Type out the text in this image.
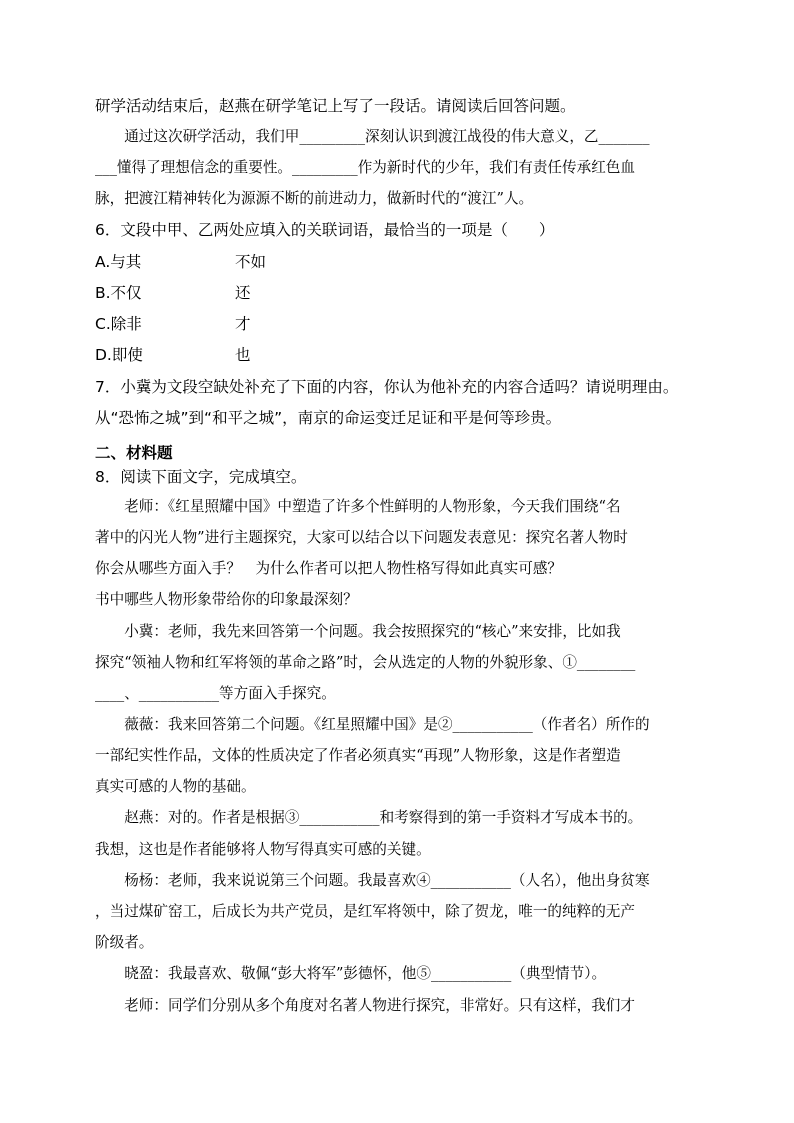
研学活动结束后，赵燕在研学笔记上写了一段话。请阅读后回答问题。
　　通过这次研学活动，我们甲_________深刻认识到渡江战役的伟大意义，乙_______
___懂得了理想信念的重要性。_________作为新时代的少年，我们有责任传承红色血
脉，把渡江精神转化为源源不断的前进动力，做新时代的“渡江”人。
6．文段中甲、乙两处应填入的关联词语，最恰当的一项是（　　）
A.与其	不如
B.不仅	还
C.除非	才
D.即使	也
7．小冀为文段空缺处补充了下面的内容，你认为他补充的内容合适吗？请说明理由。
从“恐怖之城”到“和平之城”，南京的命运变迁足证和平是何等珍贵。
二、材料题
8．阅读下面文字，完成填空。
　　老师：《红星照耀中国》中塑造了许多个性鲜明的人物形象，今天我们围绕“名
著中的闪光人物”进行主题探究，大家可以结合以下问题发表意见：探究名著人物时
你会从哪些方面入手？　为什么作者可以把人物性格写得如此真实可感？
书中哪些人物形象带给你的印象最深刻？
　　小冀：老师，我先来回答第一个问题。我会按照探究的“核心”来安排，比如我
探究“领袖人物和红军将领的革命之路”时，会从选定的人物的外貌形象、①________
____、___________等方面入手探究。
　　薇薇：我来回答第二个问题。《红星照耀中国》是②___________（作者名）所作的
一部纪实性作品，文体的性质决定了作者必须真实“再现”人物形象，这是作者塑造
真实可感的人物的基础。
　　赵燕：对的。作者是根据③___________和考察得到的第一手资料才写成本书的。
我想，这也是作者能够将人物写得真实可感的关键。
　　杨杨：老师，我来说说第三个问题。我最喜欢④___________（人名），他出身贫寒
，当过煤矿窑工，后成长为共产党员，是红军将领中，除了贺龙，唯一的纯粹的无产
阶级者。
　　晓盈：我最喜欢、敬佩“彭大将军”彭德怀，他⑤___________（典型情节）。
　　老师：同学们分别从多个角度对名著人物进行探究，非常好。只有这样，我们才
